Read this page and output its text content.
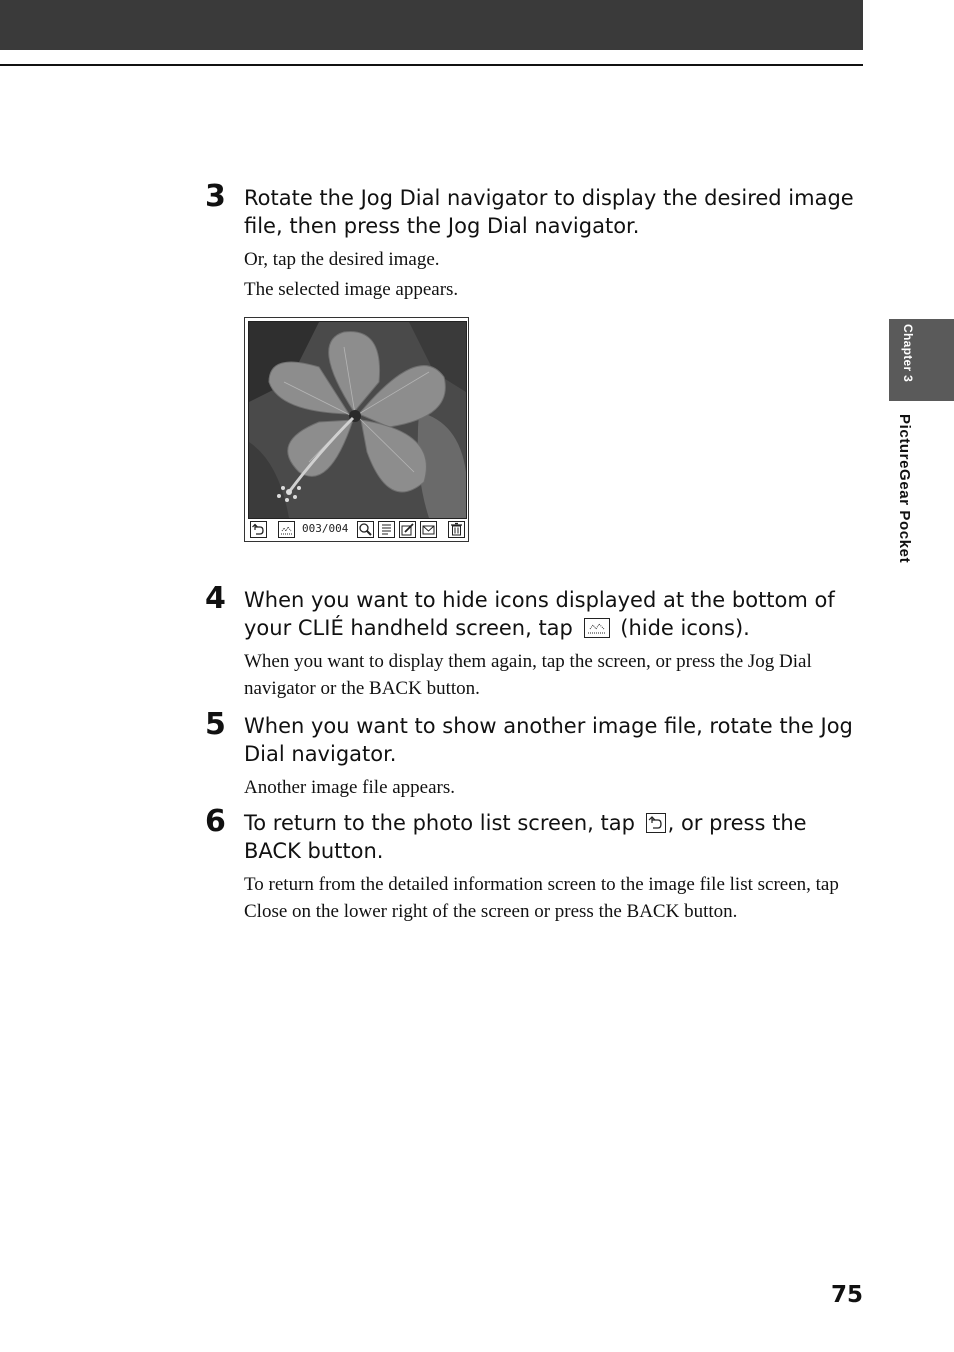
Chapter 3
PictureGear Pocket
3 Rotate the Jog Dial navigator to display the desired image file, then press the Jog Dial navigator.

Or, tap the desired image.

The selected image appears.

003/004
4 When you want to hide icons displayed at the bottom of your CLIÉ handheld screen, tap (hide icons).

When you want to display them again, tap the screen, or press the Jog Dial navigator or the BACK button.

5 When you want to show another image file, rotate the Jog Dial navigator.

Another image file appears.

6 To return to the photo list screen, tap , or press the BACK button.

To return from the detailed information screen to the image file list screen, tap Close on the lower right of the screen or press the BACK button.

75
